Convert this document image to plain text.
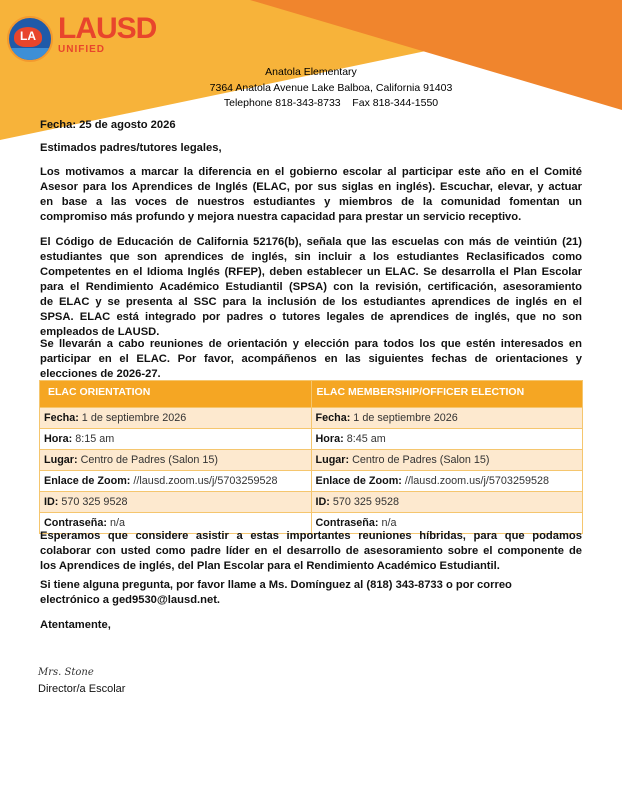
LA LAUSD
UNIFIED
Anatola Elementary
7364 Anatola Avenue Lake Balboa, California 91403
Telephone 818-343-8733    Fax 818-344-1550
Fecha: 25 de agosto 2026
Estimados padres/tutores legales,
Los motivamos a marcar la diferencia en el gobierno escolar al participar este año en el Comité
Asesor para los Aprendices de Inglés (ELAC, por sus siglas en inglés). Escuchar, elevar, y actuar
en base a las voces de nuestros estudiantes y miembros de la comunidad fomentan un
compromiso más profundo y mejora nuestra capacidad para prestar un servicio receptivo.
El Código de Educación de California 52176(b), señala que las escuelas con más de veintiún (21)
estudiantes que son aprendices de inglés, sin incluir a los estudiantes Reclasificados como
Competentes en el Idioma Inglés (RFEP), deben establecer un ELAC. Se desarrolla el Plan Escolar
para el Rendimiento Académico Estudiantil (SPSA) con la revisión, certificación, asesoramiento
de ELAC y se presenta al SSC para la inclusión de los estudiantes aprendices de inglés en el
SPSA. ELAC está integrado por padres o tutores legales de aprendices de inglés, que no son
empleados de LAUSD.
Se llevarán a cabo reuniones de orientación y elección para todos los que estén interesados en
participar en el ELAC. Por favor, acompáñenos en las siguientes fechas de orientaciones y
elecciones de 2026-27.
ELAC ORIENTATION	ELAC MEMBERSHIP/OFFICER ELECTION
Fecha: 1 de septiembre 2026	Fecha: 1 de septiembre 2026
Hora: 8:15 am	Hora: 8:45 am
Lugar: Centro de Padres (Salon 15)	Lugar: Centro de Padres (Salon 15)
Enlace de Zoom: //lausd.zoom.us/j/5703259528	Enlace de Zoom: //lausd.zoom.us/j/5703259528
ID: 570 325 9528	ID: 570 325 9528
Contraseña: n/a	Contraseña: n/a
Esperamos que considere asistir a estas importantes reuniones híbridas, para que podamos
colaborar con usted como padre líder en el desarrollo de asesoramiento sobre el componente de
los Aprendices de inglés, del Plan Escolar para el Rendimiento Académico Estudiantil.
Si tiene alguna pregunta, por favor llame a Ms. Domínguez al (818) 343-8733 o por correo
electrónico a ged9530@lausd.net.
Atentamente,
Mrs. Stone
Director/a Escolar
